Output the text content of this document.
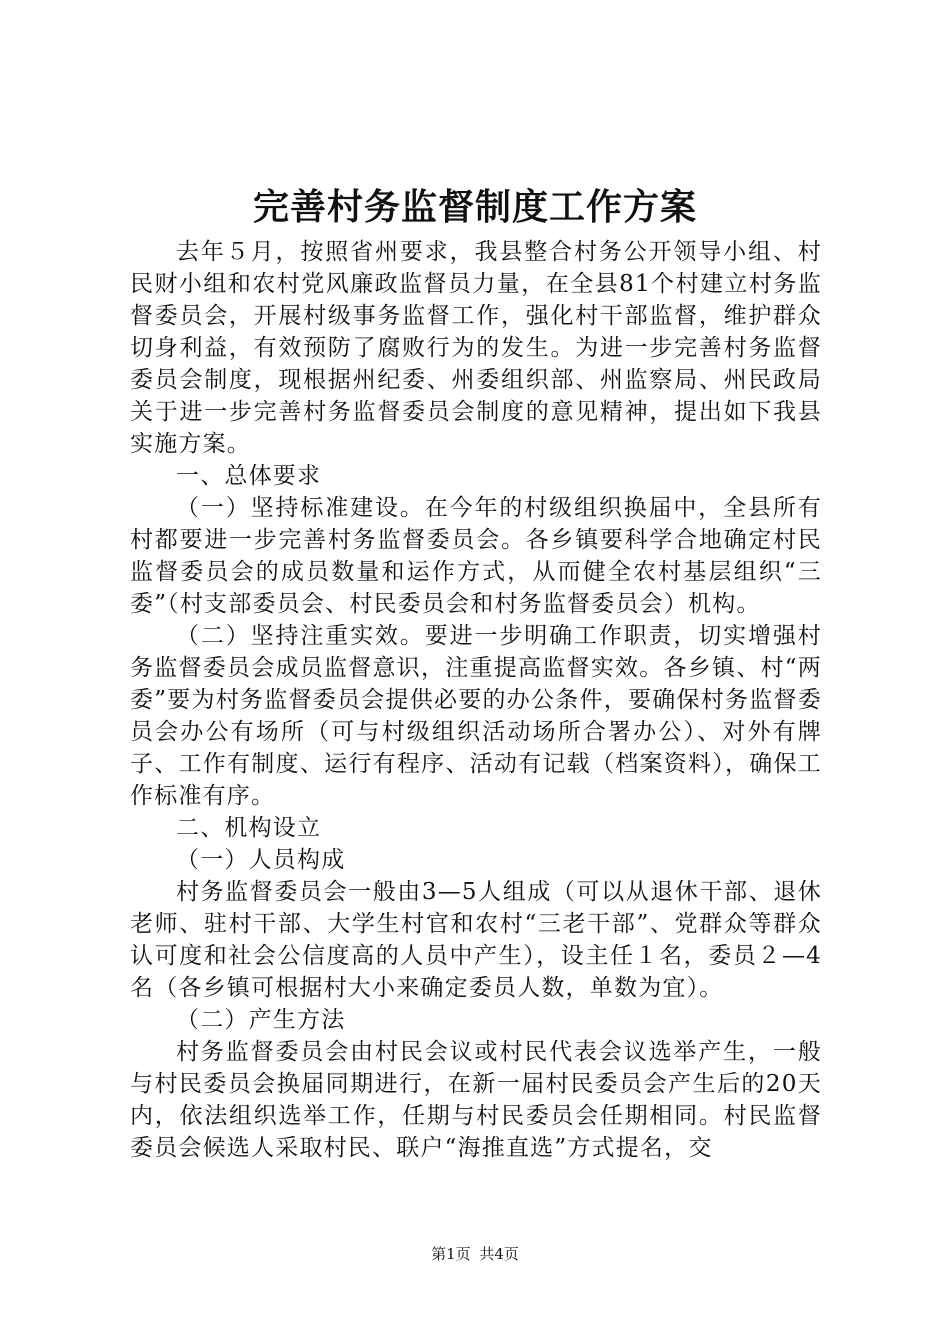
完善村务监督制度工作方案

去年５月，按照省州要求，我县整合村务公开领导小组、村民财小组和农村党风廉政监督员力量，在全县81个村建立村务监督委员会，开展村级事务监督工作，强化村干部监督，维护群众切身利益，有效预防了腐败行为的发生。为进一步完善村务监督委员会制度，现根据州纪委、州委组织部、州监察局、州民政局关于进一步完善村务监督委员会制度的意见精神，提出如下我县实施方案。

一、总体要求

（一）坚持标准建设。在今年的村级组织换届中，全县所有村都要进一步完善村务监督委员会。各乡镇要科学合地确定村民监督委员会的成员数量和运作方式，从而健全农村基层组织“三委”（村支部委员会、村民委员会和村务监督委员会）机构。

（二）坚持注重实效。要进一步明确工作职责，切实增强村务监督委员会成员监督意识，注重提高监督实效。各乡镇、村“两委”要为村务监督委员会提供必要的办公条件，要确保村务监督委员会办公有场所（可与村级组织活动场所合署办公）、对外有牌子、工作有制度、运行有程序、活动有记载（档案资料），确保工作标准有序。

二、机构设立

（一）人员构成

村务监督委员会一般由3—5人组成（可以从退休干部、退休老师、驻村干部、大学生村官和农村“三老干部”、党群众等群众认可度和社会公信度高的人员中产生），设主任１名，委员２—4名（各乡镇可根据村大小来确定委员人数，单数为宜）。

（二）产生方法

村务监督委员会由村民会议或村民代表会议选举产生，一般与村民委员会换届同期进行，在新一届村民委员会产生后的20天内，依法组织选举工作，任期与村民委员会任期相同。村民监督委员会候选人采取村民、联户“海推直选”方式提名，交

第1页 共4页
